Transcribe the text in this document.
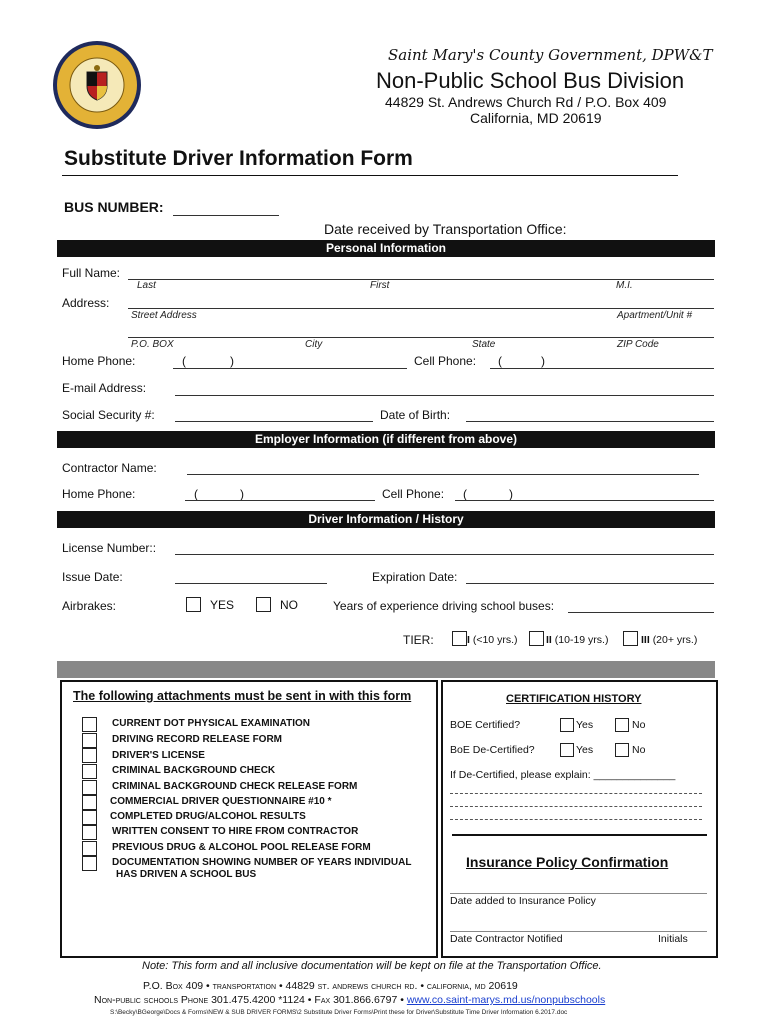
Saint Mary's County Government, DPW&T
Non-Public School Bus Division
44829 St. Andrews Church Rd / P.O. Box 409
California, MD 20619
Substitute Driver Information Form
BUS NUMBER:
Date received by Transportation Office:
Personal Information
Full Name:
Last	First	M.I.
Address:
Street Address	Apartment/Unit #
P.O. BOX	City	State	ZIP Code
Home Phone:	(	)	Cell Phone: (	)
E-mail Address:
Social Security #:	Date of Birth:
Employer Information (if different from above)
Contractor Name:
Home Phone:	(	)	Cell Phone: (	)
Driver Information / History
License Number::
Issue Date:	Expiration Date:
Airbrakes:	YES	NO	Years of experience driving school buses:
TIER:	I (<10 yrs.)	II (10-19 yrs.)	III (20+ yrs.)
The following attachments must be sent in with this form
CURRENT DOT PHYSICAL EXAMINATION
DRIVING RECORD RELEASE FORM
DRIVER'S LICENSE
CRIMINAL BACKGROUND CHECK
CRIMINAL BACKGROUND CHECK RELEASE FORM
COMMERCIAL DRIVER QUESTIONNAIRE #10 *
COMPLETED DRUG/ALCOHOL RESULTS
WRITTEN CONSENT TO HIRE FROM CONTRACTOR
PREVIOUS DRUG & ALCOHOL POOL RELEASE FORM
DOCUMENTATION SHOWING NUMBER OF YEARS INDIVIDUAL
HAS DRIVEN A SCHOOL BUS
CERTIFICATION HISTORY
BOE Certified?	Yes	No
BoE De-Certified?	Yes	No
If De-Certified, please explain: ______________
Insurance Policy Confirmation
Date added to Insurance Policy
Date Contractor Notified	Initials
Note: This form and all inclusive documentation will be kept on file at the Transportation Office.
P.O. Box 409 • transportation • 44829 st. andrews church rd. • california, md 20619
Non-public schools Phone 301.475.4200 *1124 • Fax 301.866.6797 • www.co.saint-marys.md.us/nonpubschools
S:\Becky\BGeorge\Docs & Forms\NEW & SUB DRIVER FORMS\2 Substitute Driver Forms\Print these for Driver\Substitute Time Driver Information 6.2017.doc
